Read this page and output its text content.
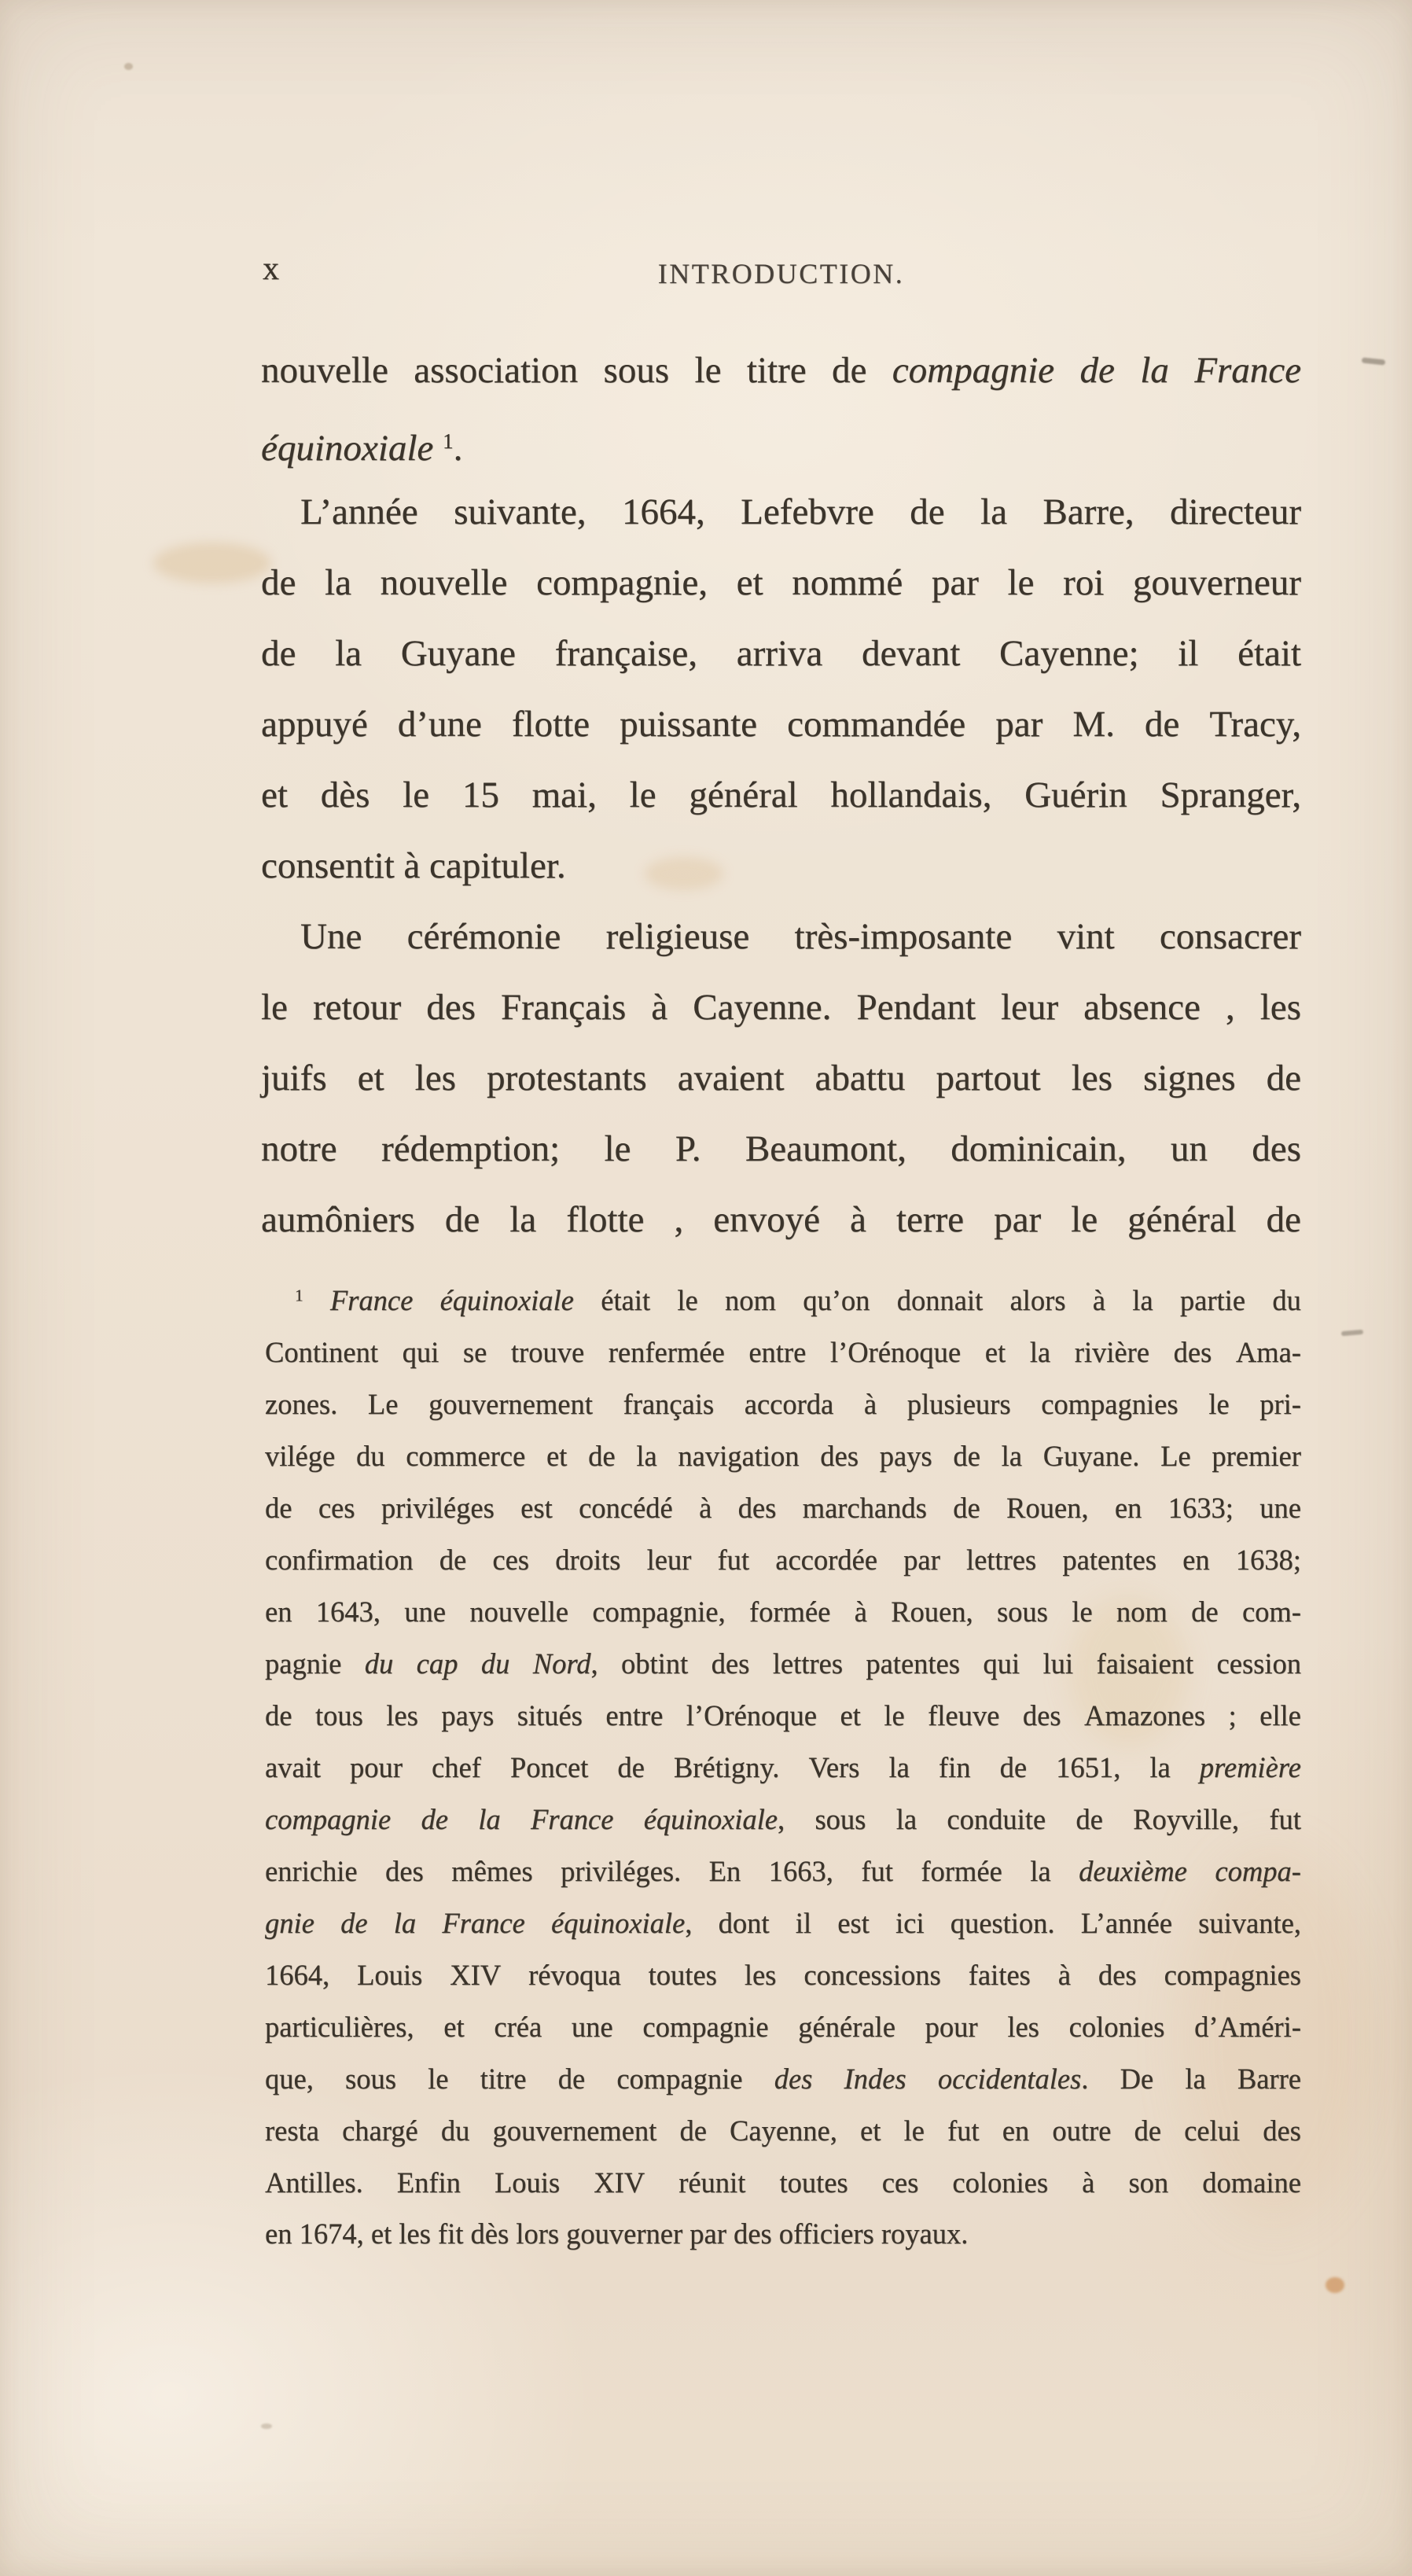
x	INTRODUCTION.
nouvelle association sous le titre de compagnie de la France
équinoxiale $^1$.
L’année suivante, 1664, Lefebvre de la Barre, directeur
de la nouvelle compagnie, et nommé par le roi gouverneur
de la Guyane française, arriva devant Cayenne; il était
appuyé d’une flotte puissante commandée par M. de Tracy,
et dès le 15 mai, le général hollandais, Guérin Spranger,
consentit à capituler.
Une cérémonie religieuse très-imposante vint consacrer
le retour des Français à Cayenne. Pendant leur absence , les
juifs et les protestants avaient abattu partout les signes de
notre rédemption; le P. Beaumont, dominicain, un des
aumôniers de la flotte , envoyé à terre par le général de
$^1$ France équinoxiale était le nom qu’on donnait alors à la partie du
Continent qui se trouve renfermée entre l’Orénoque et la rivière des Ama-
zones. Le gouvernement français accorda à plusieurs compagnies le pri-
vilége du commerce et de la navigation des pays de la Guyane. Le premier
de ces priviléges est concédé à des marchands de Rouen, en 1633; une
confirmation de ces droits leur fut accordée par lettres patentes en 1638;
en 1643, une nouvelle compagnie, formée à Rouen, sous le nom de com-
pagnie du cap du Nord, obtint des lettres patentes qui lui faisaient cession
de tous les pays situés entre l’Orénoque et le fleuve des Amazones ; elle
avait pour chef Poncet de Brétigny. Vers la fin de 1651, la première
compagnie de la France équinoxiale, sous la conduite de Royville, fut
enrichie des mêmes priviléges. En 1663, fut formée la deuxième compa-
gnie de la France équinoxiale, dont il est ici question. L’année suivante,
1664, Louis XIV révoqua toutes les concessions faites à des compagnies
particulières, et créa une compagnie générale pour les colonies d’Améri-
que, sous le titre de compagnie des Indes occidentales. De la Barre
resta chargé du gouvernement de Cayenne, et le fut en outre de celui des
Antilles. Enfin Louis XIV réunit toutes ces colonies à son domaine
en 1674, et les fit dès lors gouverner par des officiers royaux.
